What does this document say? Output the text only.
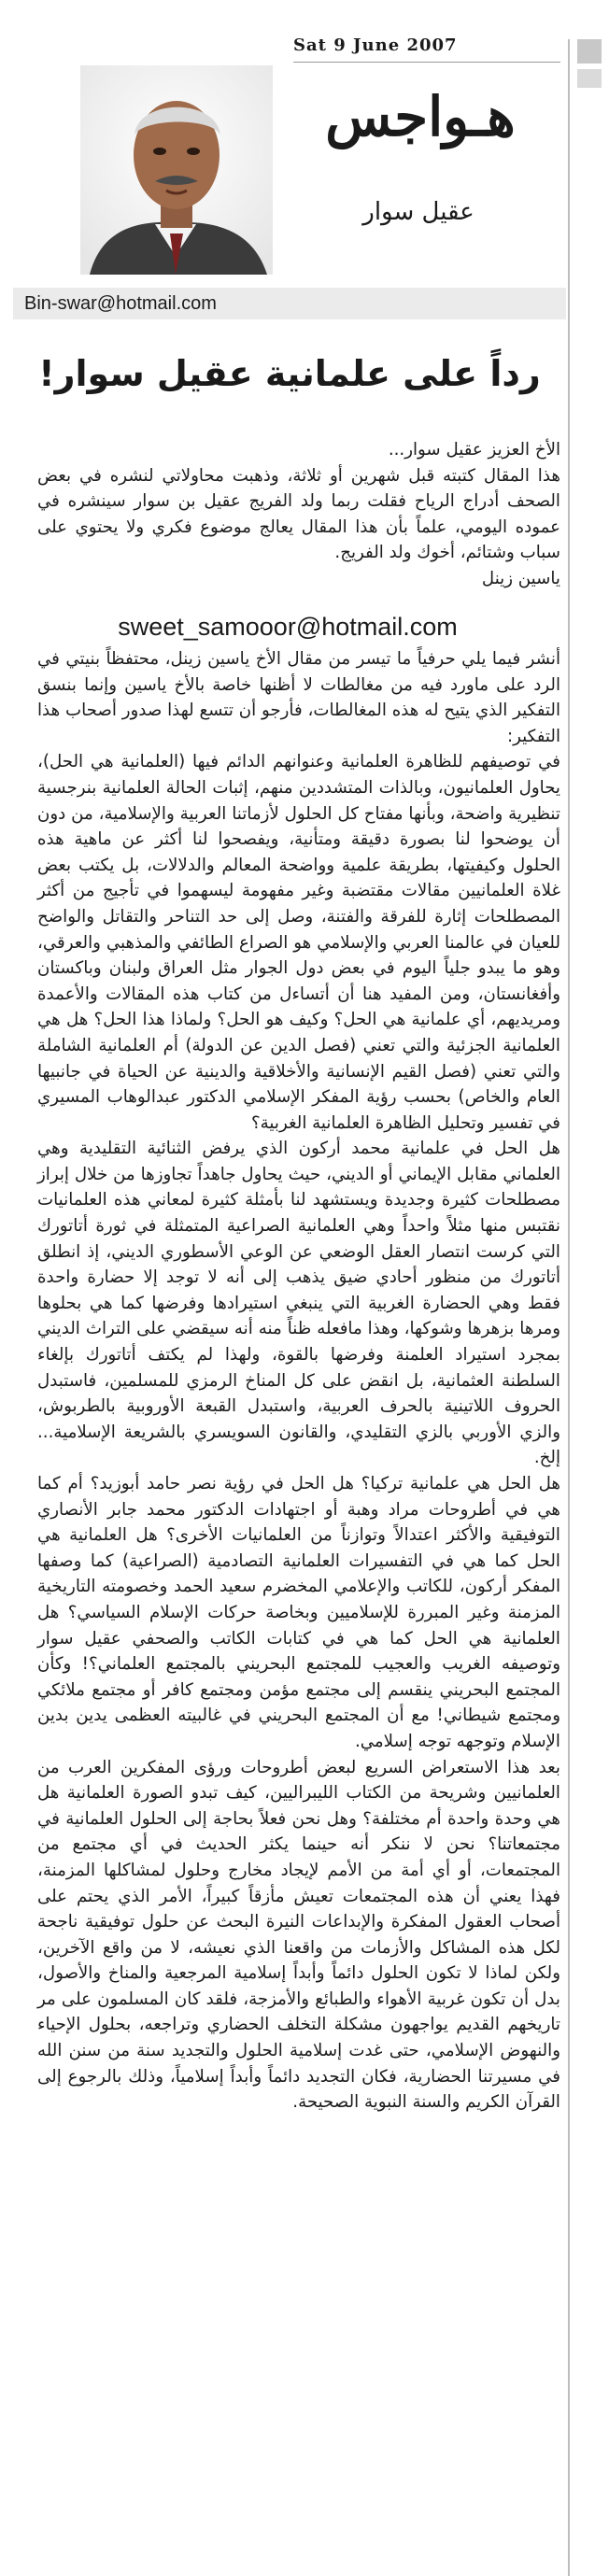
Sat 9 June 2007
هـواجس
عقيل سوار
Bin-swar@hotmail.com
رداً على علمانية عقيل سوار!

الأخ العزيز عقيل سوار...

هذا المقال كتبته قبل شهرين أو ثلاثة، وذهبت محاولاتي لنشره في بعض الصحف أدراج الرياح فقلت ربما ولد الفريج عقيل بن سوار سينشره في عموده اليومي، علماً بأن هذا المقال يعالج موضوع فكري ولا يحتوي على سباب وشتائم، أخوك ولد الفريج.

ياسين زينل

sweet_samooor@hotmail.com

أنشر فيما يلي حرفياً ما تيسر من مقال الأخ ياسين زينل، محتفظاً بنيتي في الرد على ماورد فيه من مغالطات لا أظنها خاصة بالأخ ياسين وإنما بنسق التفكير الذي يتيح له هذه المغالطات، فأرجو أن تتسع لهذا صدور أصحاب هذا التفكير:

في توصيفهم للظاهرة العلمانية وعنوانهم الدائم فيها (العلمانية هي الحل)، يحاول العلمانيون، وبالذات المتشددين منهم، إثبات الحالة العلمانية بنرجسية تنظيرية واضحة، وبأنها مفتاح كل الحلول لأزماتنا العربية والإسلامية، من دون أن يوضحوا لنا بصورة دقيقة ومتأنية، ويفصحوا لنا أكثر عن ماهية هذه الحلول وكيفيتها، بطريقة علمية وواضحة المعالم والدلالات، بل يكتب بعض غلاة العلمانيين مقالات مقتضبة وغير مفهومة ليسهموا في تأجيج من أكثر المصطلحات إثارة للفرقة والفتنة، وصل إلى حد التناحر والتقاتل والواضح للعيان في عالمنا العربي والإسلامي هو الصراع الطائفي والمذهبي والعرقي، وهو ما يبدو جلياً اليوم في بعض دول الجوار مثل العراق ولبنان وباكستان وأفغانستان، ومن المفيد هنا أن أتساءل من كتاب هذه المقالات والأعمدة ومريديهم، أي علمانية هي الحل؟ وكيف هو الحل؟ ولماذا هذا الحل؟ هل هي العلمانية الجزئية والتي تعني (فصل الدين عن الدولة) أم العلمانية الشاملة والتي تعني (فصل القيم الإنسانية والأخلاقية والدينية عن الحياة في جانبيها العام والخاص) بحسب رؤية المفكر الإسلامي الدكتور عبدالوهاب المسيري في تفسير وتحليل الظاهرة العلمانية الغربية؟

هل الحل في علمانية محمد أركون الذي يرفض الثنائية التقليدية وهي العلماني مقابل الإيماني أو الديني، حيث يحاول جاهداً تجاوزها من خلال إبراز مصطلحات كثيرة وجديدة ويستشهد لنا بأمثلة كثيرة لمعاني هذه العلمانيات نقتبس منها مثلاً واحداً وهي العلمانية الصراعية المتمثلة في ثورة أتاتورك التي كرست انتصار العقل الوضعي عن الوعي الأسطوري الديني، إذ انطلق أتاتورك من منظور أحادي ضيق يذهب إلى أنه لا توجد إلا حضارة واحدة فقط وهي الحضارة الغربية التي ينبغي استيرادها وفرضها كما هي بحلوها ومرها بزهرها وشوكها، وهذا مافعله ظناً منه أنه سيقضي على التراث الديني بمجرد استيراد العلمنة وفرضها بالقوة، ولهذا لم يكتف أتاتورك بإلغاء السلطنة العثمانية، بل انقض على كل المناخ الرمزي للمسلمين، فاستبدل الحروف اللاتينية بالحرف العربية، واستبدل القبعة الأوروبية بالطربوش، والزي الأوربي بالزي التقليدي، والقانون السويسري بالشريعة الإسلامية... إلخ.

هل الحل هي علمانية تركيا؟ هل الحل في رؤية نصر حامد أبوزيد؟ أم كما هي في أطروحات مراد وهبة أو اجتهادات الدكتور محمد جابر الأنصاري التوفيقية والأكثر اعتدالاً وتوازناً من العلمانيات الأخرى؟ هل العلمانية هي الحل كما هي في التفسيرات العلمانية التصادمية (الصراعية) كما وصفها المفكر أركون، للكاتب والإعلامي المخضرم سعيد الحمد وخصومته التاريخية المزمنة وغير المبررة للإسلاميين وبخاصة حركات الإسلام السياسي؟ هل العلمانية هي الحل كما هي في كتابات الكاتب والصحفي عقيل سوار وتوصيفه الغريب والعجيب للمجتمع البحريني بالمجتمع العلماني؟! وكأن المجتمع البحريني ينقسم إلى مجتمع مؤمن ومجتمع كافر أو مجتمع ملائكي ومجتمع شيطاني! مع أن المجتمع البحريني في غالبيته العظمى يدين بدين الإسلام وتوجهه توجه إسلامي.

بعد هذا الاستعراض السريع لبعض أطروحات ورؤى المفكرين العرب من العلمانيين وشريحة من الكتاب الليبراليين، كيف تبدو الصورة العلمانية هل هي وحدة واحدة أم مختلفة؟ وهل نحن فعلاً بحاجة إلى الحلول العلمانية في مجتمعاتنا؟ نحن لا ننكر أنه حينما يكثر الحديث في أي مجتمع من المجتمعات، أو أي أمة من الأمم لإيجاد مخارج وحلول لمشاكلها المزمنة، فهذا يعني أن هذه المجتمعات تعيش مأزقاً كبيراً، الأمر الذي يحتم على أصحاب العقول المفكرة والإبداعات النيرة البحث عن حلول توفيقية ناجحة لكل هذه المشاكل والأزمات من واقعنا الذي نعيشه، لا من واقع الآخرين، ولكن لماذا لا تكون الحلول دائماً وأبداً إسلامية المرجعية والمناخ والأصول، بدل أن تكون غربية الأهواء والطبائع والأمزجة، فلقد كان المسلمون على مر تاريخهم القديم يواجهون مشكلة التخلف الحضاري وتراجعه، بحلول الإحياء والنهوض الإسلامي، حتى غدت إسلامية الحلول والتجديد سنة من سنن الله في مسيرتنا الحضارية، فكان التجديد دائماً وأبداً إسلامياً، وذلك بالرجوع إلى القرآن الكريم والسنة النبوية الصحيحة.
